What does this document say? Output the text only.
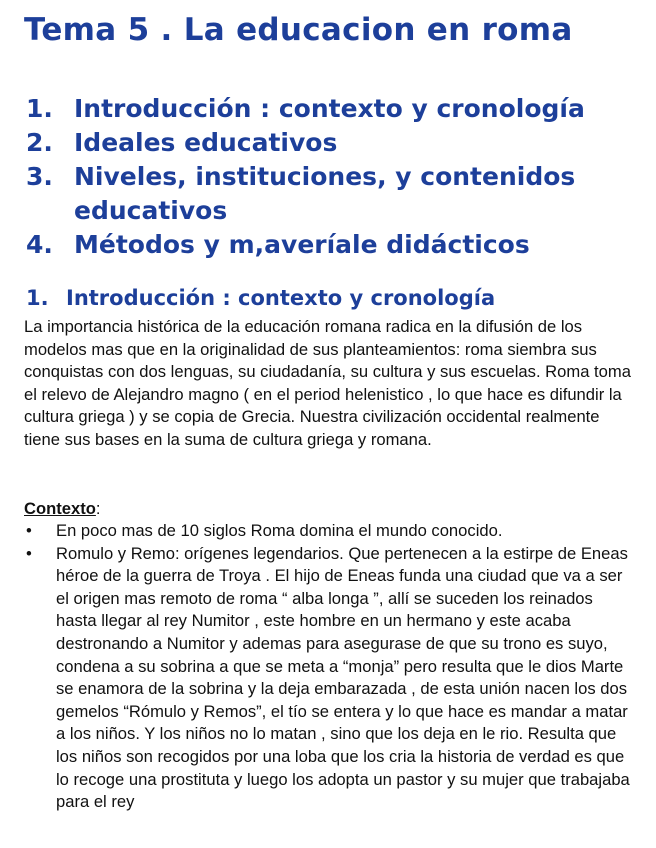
Tema 5 . La educacion en roma
1. Introducción : contexto y cronología
2. Ideales educativos
3. Niveles, instituciones, y contenidos educativos
4. Métodos y m,averíale didácticos
1. Introducción : contexto y cronología

La importancia histórica de la educación romana radica en la difusión de los modelos mas que en la originalidad de sus planteamientos: roma siembra sus conquistas con dos lenguas, su ciudadanía, su cultura y sus escuelas. Roma toma el relevo de Alejandro magno ( en el period helenistico , lo que hace es difundir la cultura griega ) y se copia de Grecia. Nuestra civilización occidental realmente tiene sus bases en la suma de cultura griega y romana.

Contexto:

•	En poco mas de 10 siglos Roma domina el mundo conocido.
•	Romulo y Remo: orígenes legendarios. Que pertenecen a la estirpe de Eneas héroe de la guerra de Troya . El hijo de Eneas funda una ciudad que va a ser el origen mas remoto de roma “ alba longa ”, allí se suceden los reinados hasta llegar al rey Numitor , este hombre en un hermano y este acaba destronando a Numitor y ademas para asegurase de que su trono es suyo, condena a su sobrina a que se meta a “monja” pero resulta que le dios Marte se enamora de la sobrina y la deja embarazada , de esta unión nacen los dos gemelos “Rómulo y Remos”, el tío se entera y lo que hace es mandar a matar a los niños. Y los niños no lo matan , sino que los deja en le rio. Resulta que los niños son recogidos por una loba que los cria la historia de verdad es que lo recoge una prostituta y luego los adopta un pastor y su mujer que trabajaba para el rey
